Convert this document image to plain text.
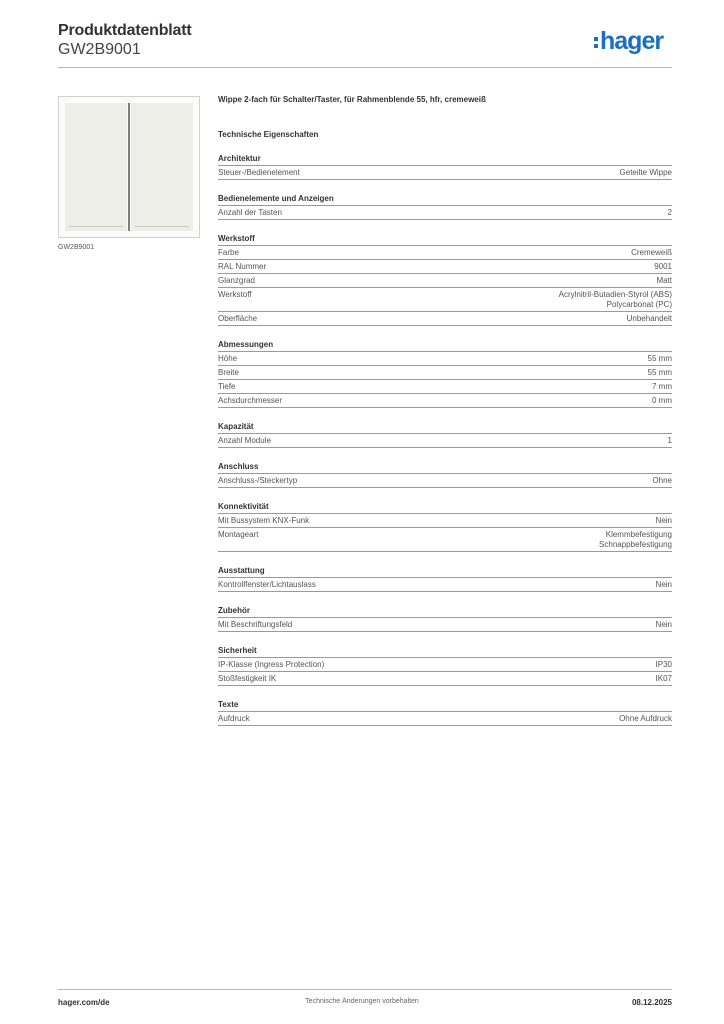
Produktdatenblatt
GW2B9001	hager
GW2B9001
Wippe 2-fach für Schalter/Taster, für Rahmenblende 55, hfr, cremeweiß
Technische Eigenschaften
Architektur
Steuer-/Bedienelement	Geteilte Wippe
Bedienelemente und Anzeigen
Anzahl der Tasten	2
Werkstoff
Farbe	Cremeweiß
RAL Nummer	9001
Glanzgrad	Matt
Werkstoff	Acrylnitril-Butadien-Styrol (ABS)
Polycarbonat (PC)
Oberfläche	Unbehandelt
Abmessungen
Höhe	55 mm
Breite	55 mm
Tiefe	7 mm
Achsdurchmesser	0 mm
Kapazität
Anzahl Module	1
Anschluss
Anschluss-/Steckertyp	Ohne
Konnektivität
Mit Bussystem KNX-Funk	Nein
Montageart	Klemmbefestigung
Schnappbefestigung
Ausstattung
Kontrollfenster/Lichtauslass	Nein
Zubehör
Mit Beschriftungsfeld	Nein
Sicherheit
IP-Klasse (Ingress Protection)	IP30
Stoßfestigkeit IK	IK07
Texte
Aufdruck	Ohne Aufdruck
hager.com/de	Technische Änderungen vorbehalten	08.12.2025
